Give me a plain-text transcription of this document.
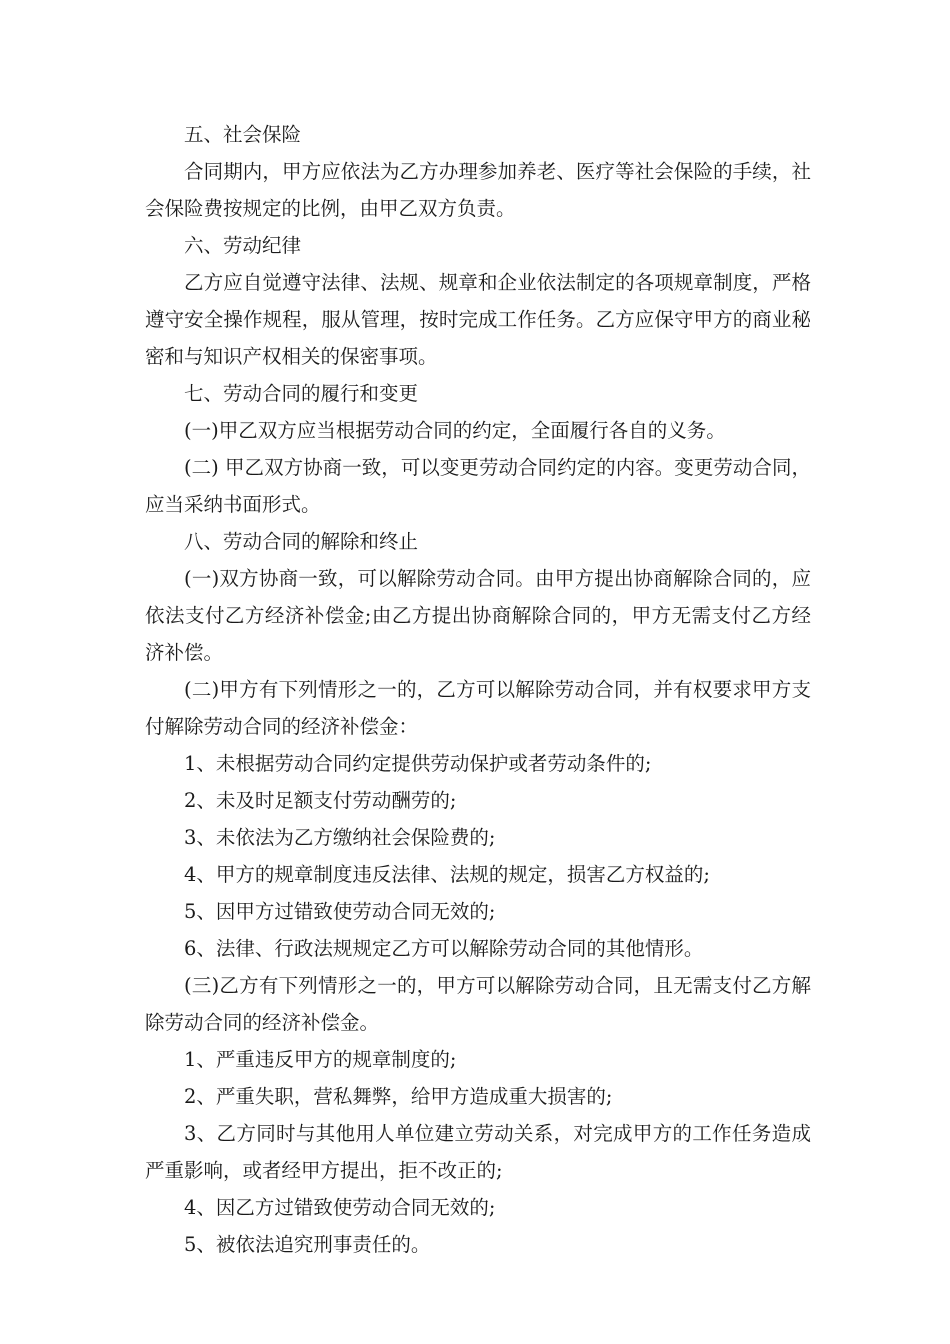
五、社会保险

合同期内，甲方应依法为乙方办理参加养老、医疗等社会保险的手续，社会保险费按规定的比例，由甲乙双方负责。

六、劳动纪律

乙方应自觉遵守法律、法规、规章和企业依法制定的各项规章制度，严格遵守安全操作规程，服从管理，按时完成工作任务。乙方应保守甲方的商业秘密和与知识产权相关的保密事项。

七、劳动合同的履行和变更

(一)甲乙双方应当根据劳动合同的约定，全面履行各自的义务。

(二) 甲乙双方协商一致，可以变更劳动合同约定的内容。变更劳动合同，应当采纳书面形式。

八、劳动合同的解除和终止

(一)双方协商一致，可以解除劳动合同。由甲方提出协商解除合同的，应依法支付乙方经济补偿金;由乙方提出协商解除合同的，甲方无需支付乙方经济补偿。

(二)甲方有下列情形之一的，乙方可以解除劳动合同，并有权要求甲方支付解除劳动合同的经济补偿金：

1、未根据劳动合同约定提供劳动保护或者劳动条件的;

2、未及时足额支付劳动酬劳的;

3、未依法为乙方缴纳社会保险费的;

4、甲方的规章制度违反法律、法规的规定，损害乙方权益的;

5、因甲方过错致使劳动合同无效的;

6、法律、行政法规规定乙方可以解除劳动合同的其他情形。

(三)乙方有下列情形之一的，甲方可以解除劳动合同，且无需支付乙方解除劳动合同的经济补偿金。

1、严重违反甲方的规章制度的;

2、严重失职，营私舞弊，给甲方造成重大损害的;

3、乙方同时与其他用人单位建立劳动关系，对完成甲方的工作任务造成严重影响，或者经甲方提出，拒不改正的;

4、因乙方过错致使劳动合同无效的;

5、被依法追究刑事责任的。
